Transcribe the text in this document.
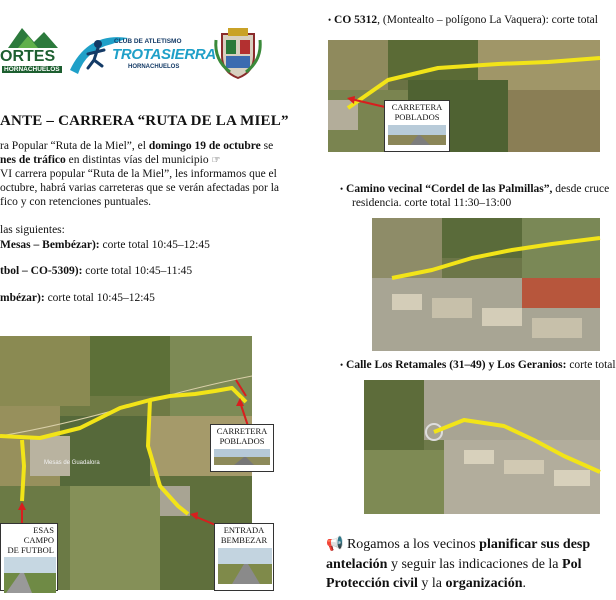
ORTES
HORNACHUELOS
CLUB DE ATLETISMO
TROTASIERRA
HORNACHUELOS
ANTE – CARRERA “RUTA DE LA MIEL”
ra Popular “Ruta de la Miel”, el domingo 19 de octubre se
nes de tráfico en distintas vías del municipio ☞
VI carrera popular “Ruta de la Miel”, les informamos que el
octubre, habrá varias carreteras que se verán afectadas por la
fico y con retenciones puntuales.
las siguientes:
Mesas – Bembézar): corte total 10:45–12:45
tbol – CO-5309): corte total 10:45–11:45
mbézar): corte total 10:45–12:45
Mesas de Guadalora
CARRETERA
POBLADOS
ENTRADA
BEMBEZAR
ESAS CAMPO
DE FUTBOL
• CO 5312, (Montealto – polígono La Vaquera): corte total
CARRETERA
POBLADOS
• Camino vecinal “Cordel de las Palmillas”, desde cruce
residencia. corte total 11:30–13:00
• Calle Los Retamales (31–49) y Los Geranios: corte total
📢 Rogamos a los vecinos planificar sus desp
antelación y seguir las indicaciones de la Pol
Protección civil y la organización.
